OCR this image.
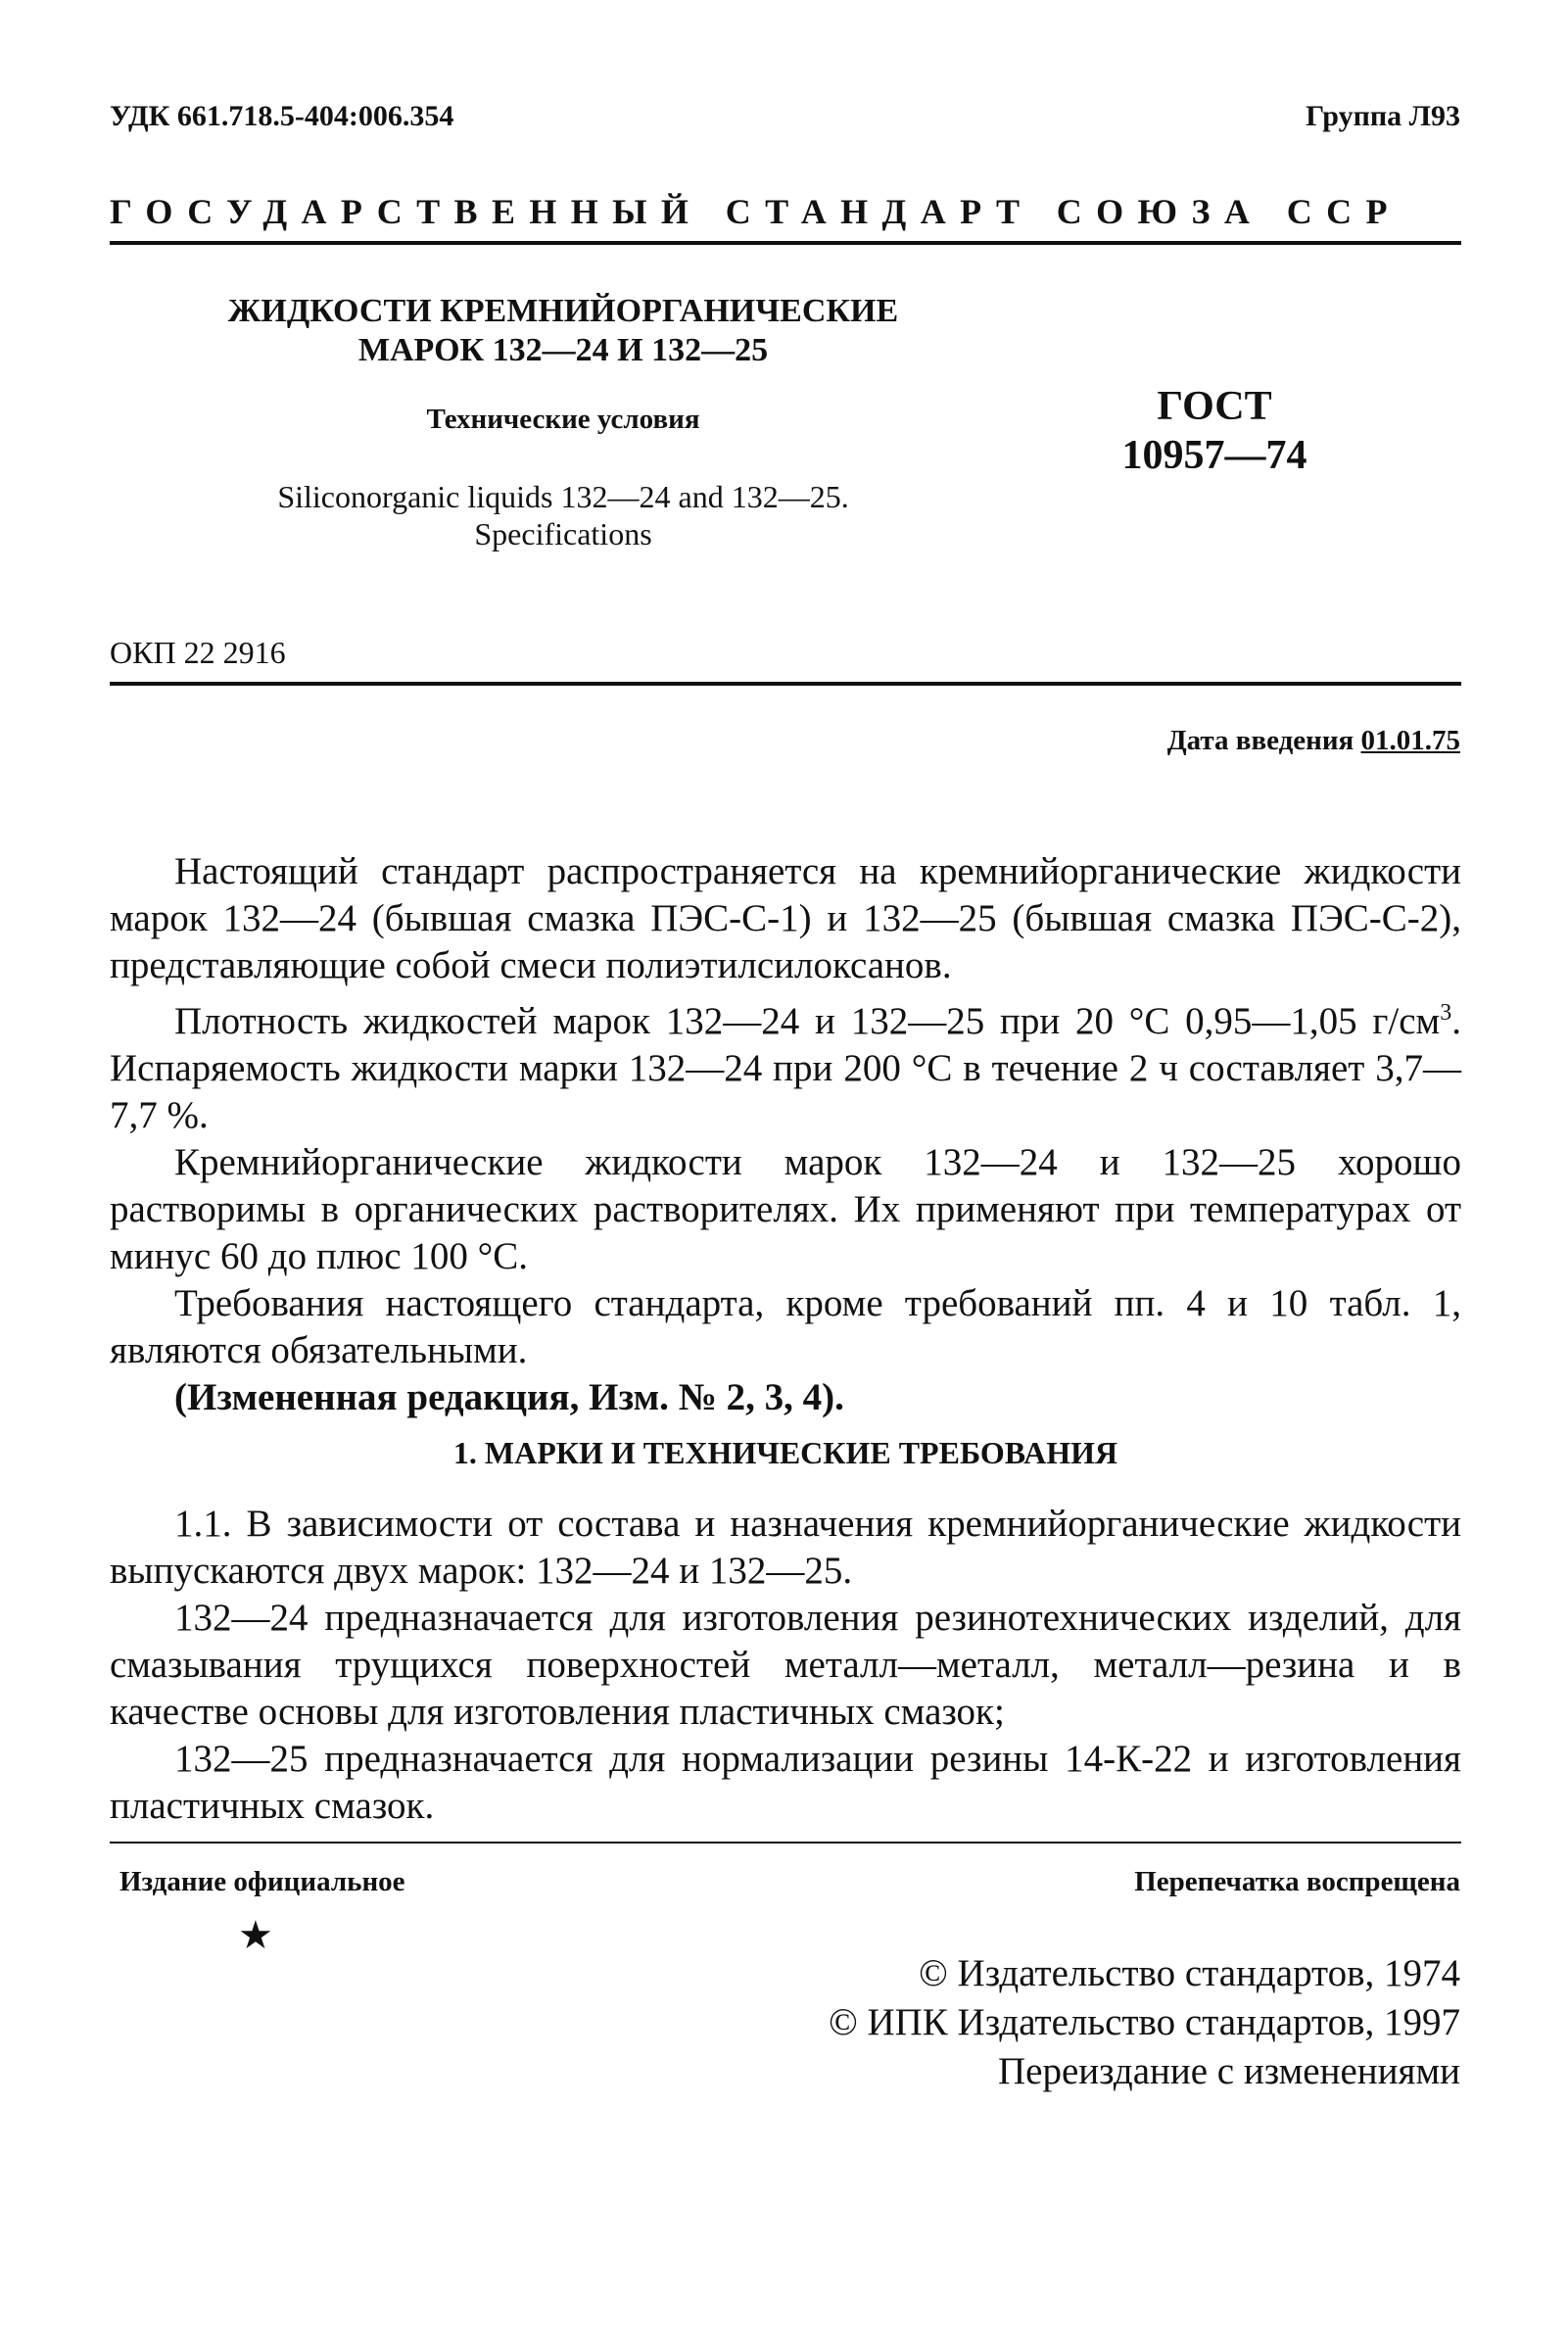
УДК 661.718.5-404:006.354	Группа Л93
ГОСУДАРСТВЕННЫЙ СТАНДАРТ СОЮЗА ССР
ЖИДКОСТИ КРЕМНИЙОРГАНИЧЕСКИЕ
МАРОК 132—24 И 132—25
Технические условия
Siliconorganic liquids 132—24 and 132—25.
Specifications
ГОСТ
10957—74
ОКП 22 2916
Дата введения 01.01.75

Настоящий стандарт распространяется на кремнийорганические жидкости марок 132—24 (бывшая смазка ПЭС-С-1) и 132—25 (бывшая смазка ПЭС-С-2), представляющие собой смеси полиэтилсилоксанов.

Плотность жидкостей марок 132—24 и 132—25 при 20 °С 0,95—1,05 $г/см^3$. Испаряемость жидкости марки 132—24 при 200 °С в течение 2 ч составляет 3,7—7,7 %.

Кремнийорганические жидкости марок 132—24 и 132—25 хорошо растворимы в органических растворителях. Их применяют при температурах от минус 60 до плюс 100 °С.

Требования настоящего стандарта, кроме требований пп. 4 и 10 табл. 1, являются обязательными.

(Измененная редакция, Изм. № 2, 3, 4).

1. МАРКИ И ТЕХНИЧЕСКИЕ ТРЕБОВАНИЯ

1.1. В зависимости от состава и назначения кремнийорганические жидкости выпускаются двух марок: 132—24 и 132—25.

132—24 предназначается для изготовления резинотехнических изделий, для смазывания трущихся поверхностей металл—металл, металл—резина и в качестве основы для изготовления пластичных смазок;

132—25 предназначается для нормализации резины 14-К-22 и изготовления пластичных смазок.

Издание официальное	Перепечатка воспрещена
★
© Издательство стандартов, 1974
© ИПК Издательство стандартов, 1997
Переиздание с изменениями
